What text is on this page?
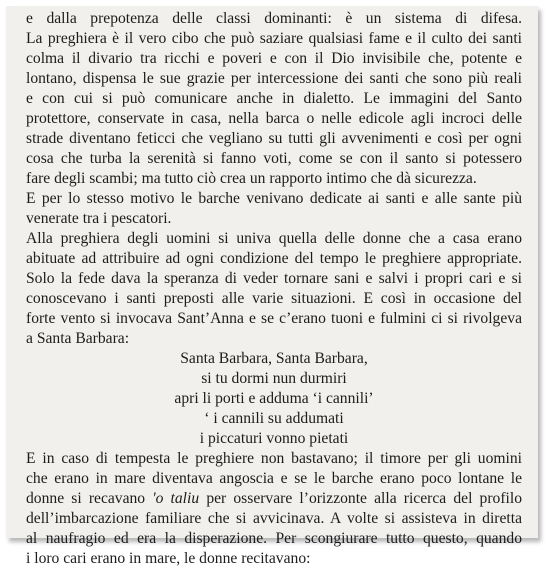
e dalla prepotenza delle classi dominanti: è un sistema di difesa.
La preghiera è il vero cibo che può saziare qualsiasi fame e il culto dei santi
colma il divario tra ricchi e poveri e con il Dio invisibile che, potente e
lontano, dispensa le sue grazie per intercessione dei santi che sono più reali
e con cui si può comunicare anche in dialetto. Le immagini del Santo
protettore, conservate in casa, nella barca o nelle edicole agli incroci delle
strade diventano feticci che vegliano su tutti gli avvenimenti e così per ogni
cosa che turba la serenità si fanno voti, come se con il santo si potessero
fare degli scambi; ma tutto ciò crea un rapporto intimo che dà sicurezza.
E per lo stesso motivo le barche venivano dedicate ai santi e alle sante più
venerate tra i pescatori.
Alla preghiera degli uomini si univa quella delle donne che a casa erano
abituate ad attribuire ad ogni condizione del tempo le preghiere appropriate.
Solo la fede dava la speranza di veder tornare sani e salvi i propri cari e si
conoscevano i santi preposti alle varie situazioni. E così in occasione del
forte vento si invocava Sant’Anna e se c’erano tuoni e fulmini ci si rivolgeva
a Santa Barbara:
Santa Barbara, Santa Barbara,
si tu dormi nun durmiri
apri li porti e adduma ‘i cannili’
‘ i cannili su addumati
i piccaturi vonno pietati
E in caso di tempesta le preghiere non bastavano; il timore per gli uomini
che erano in mare diventava angoscia e se le barche erano poco lontane le
donne si recavano 'o taliu per osservare l’orizzonte alla ricerca del profilo
dell’imbarcazione familiare che si avvicinava. A volte si assisteva in diretta
al naufragio ed era la disperazione. Per scongiurare tutto questo, quando
i loro cari erano in mare, le donne recitavano:
